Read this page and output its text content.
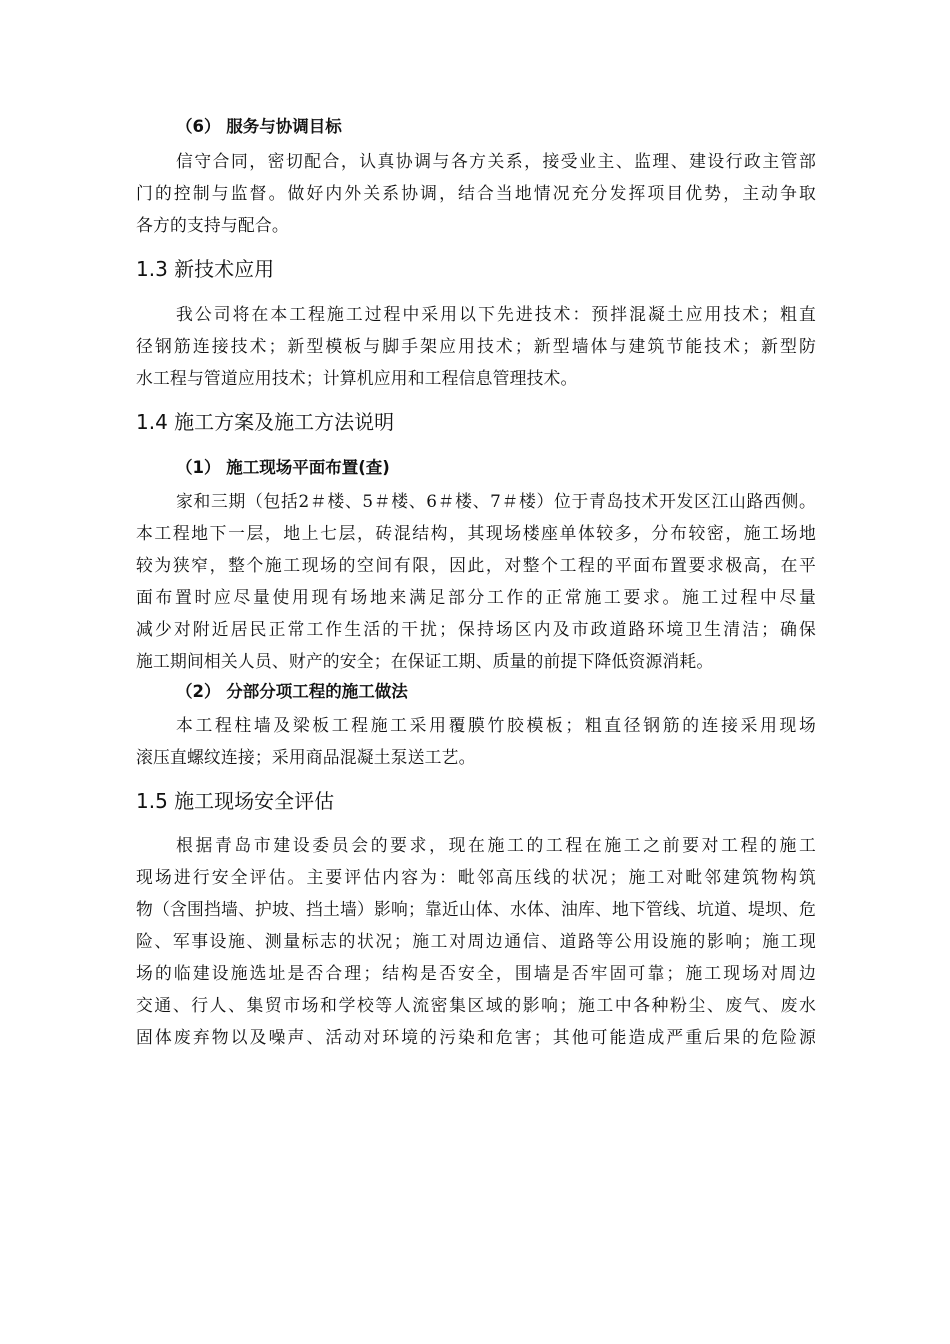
（6） 服务与协调目标
信守合同，密切配合，认真协调与各方关系，接受业主、监理、建设行政主管部
门的控制与监督。做好内外关系协调，结合当地情况充分发挥项目优势，主动争取
各方的支持与配合。
1.3 新技术应用
我公司将在本工程施工过程中采用以下先进技术：预拌混凝土应用技术；粗直
径钢筋连接技术；新型模板与脚手架应用技术；新型墙体与建筑节能技术；新型防
水工程与管道应用技术；计算机应用和工程信息管理技术。
1.4 施工方案及施工方法说明
（1） 施工现场平面布置(查)
家和三期（包括2＃楼、5＃楼、6＃楼、7＃楼）位于青岛技术开发区江山路西侧。
本工程地下一层，地上七层，砖混结构，其现场楼座单体较多，分布较密，施工场地
较为狭窄，整个施工现场的空间有限，因此，对整个工程的平面布置要求极高，在平
面布置时应尽量使用现有场地来满足部分工作的正常施工要求。施工过程中尽量
减少对附近居民正常工作生活的干扰；保持场区内及市政道路环境卫生清洁；确保
施工期间相关人员、财产的安全；在保证工期、质量的前提下降低资源消耗。
（2） 分部分项工程的施工做法
本工程柱墙及梁板工程施工采用覆膜竹胶模板；粗直径钢筋的连接采用现场
滚压直螺纹连接；采用商品混凝土泵送工艺。
1.5 施工现场安全评估
根据青岛市建设委员会的要求，现在施工的工程在施工之前要对工程的施工
现场进行安全评估。主要评估内容为：毗邻高压线的状况；施工对毗邻建筑物构筑
物（含围挡墙、护坡、挡土墙）影响；靠近山体、水体、油库、地下管线、坑道、堤坝、危
险、军事设施、测量标志的状况；施工对周边通信、道路等公用设施的影响；施工现
场的临建设施选址是否合理；结构是否安全，围墙是否牢固可靠；施工现场对周边
交通、行人、集贸市场和学校等人流密集区域的影响；施工中各种粉尘、废气、废水
固体废弃物以及噪声、活动对环境的污染和危害；其他可能造成严重后果的危险源
